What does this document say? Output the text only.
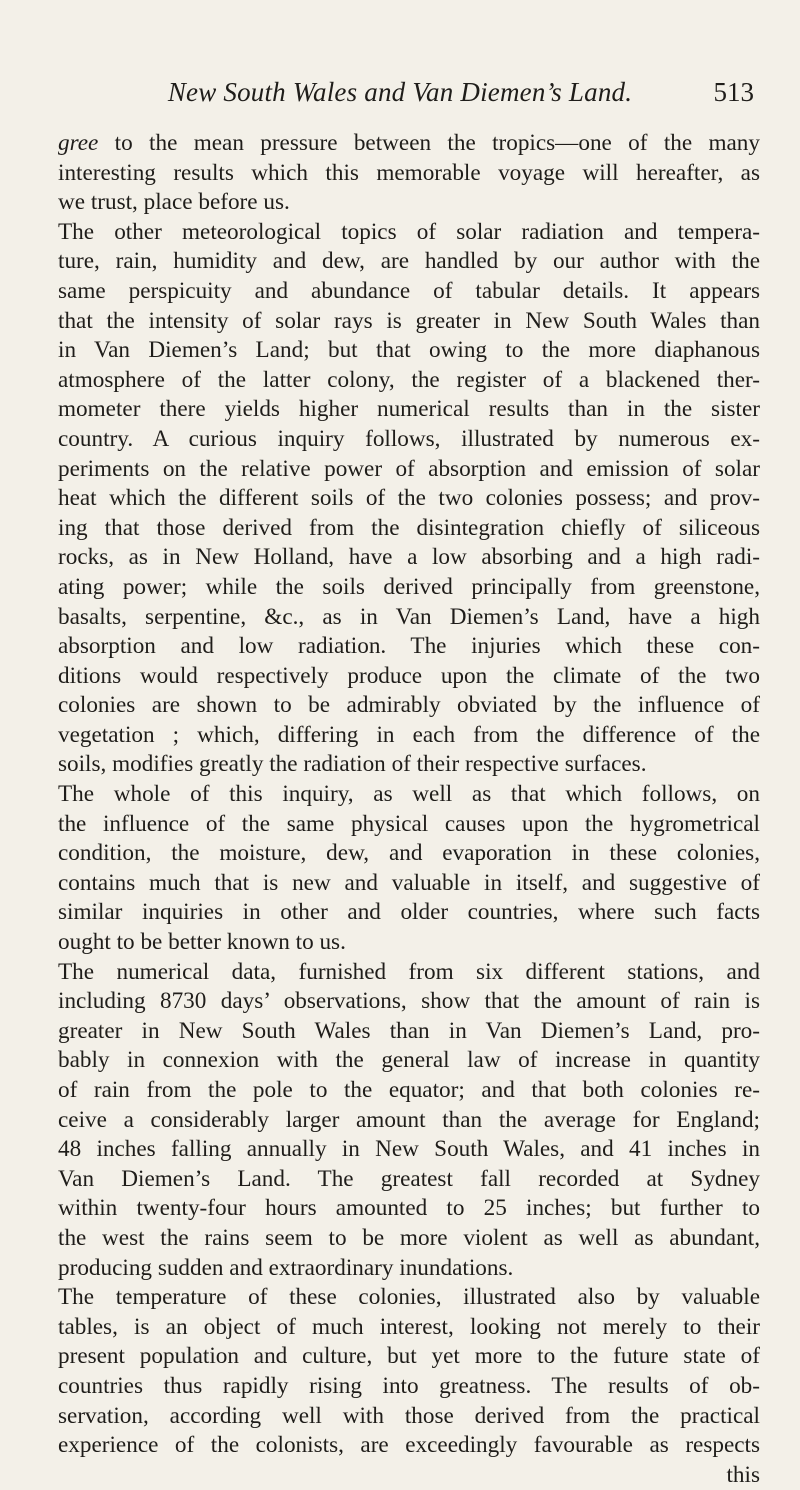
New South Wales and Van Diemen’s Land.	513
gree to the mean pressure between the tropics—one of the many
interesting results which this memorable voyage will hereafter, as
we trust, place before us.
The other meteorological topics of solar radiation and tempera-
ture, rain, humidity and dew, are handled by our author with the
same perspicuity and abundance of tabular details. It appears
that the intensity of solar rays is greater in New South Wales than
in Van Diemen’s Land; but that owing to the more diaphanous
atmosphere of the latter colony, the register of a blackened ther-
mometer there yields higher numerical results than in the sister
country. A curious inquiry follows, illustrated by numerous ex-
periments on the relative power of absorption and emission of solar
heat which the different soils of the two colonies possess; and prov-
ing that those derived from the disintegration chiefly of siliceous
rocks, as in New Holland, have a low absorbing and a high radi-
ating power; while the soils derived principally from greenstone,
basalts, serpentine, &c., as in Van Diemen’s Land, have a high
absorption and low radiation. The injuries which these con-
ditions would respectively produce upon the climate of the two
colonies are shown to be admirably obviated by the influence of
vegetation ; which, differing in each from the difference of the
soils, modifies greatly the radiation of their respective surfaces.
The whole of this inquiry, as well as that which follows, on
the influence of the same physical causes upon the hygrometrical
condition, the moisture, dew, and evaporation in these colonies,
contains much that is new and valuable in itself, and suggestive of
similar inquiries in other and older countries, where such facts
ought to be better known to us.
The numerical data, furnished from six different stations, and
including 8730 days’ observations, show that the amount of rain is
greater in New South Wales than in Van Diemen’s Land, pro-
bably in connexion with the general law of increase in quantity
of rain from the pole to the equator; and that both colonies re-
ceive a considerably larger amount than the average for England;
48 inches falling annually in New South Wales, and 41 inches in
Van Diemen’s Land. The greatest fall recorded at Sydney
within twenty-four hours amounted to 25 inches; but further to
the west the rains seem to be more violent as well as abundant,
producing sudden and extraordinary inundations.
The temperature of these colonies, illustrated also by valuable
tables, is an object of much interest, looking not merely to their
present population and culture, but yet more to the future state of
countries thus rapidly rising into greatness. The results of ob-
servation, according well with those derived from the practical
experience of the colonists, are exceedingly favourable as respects
this
